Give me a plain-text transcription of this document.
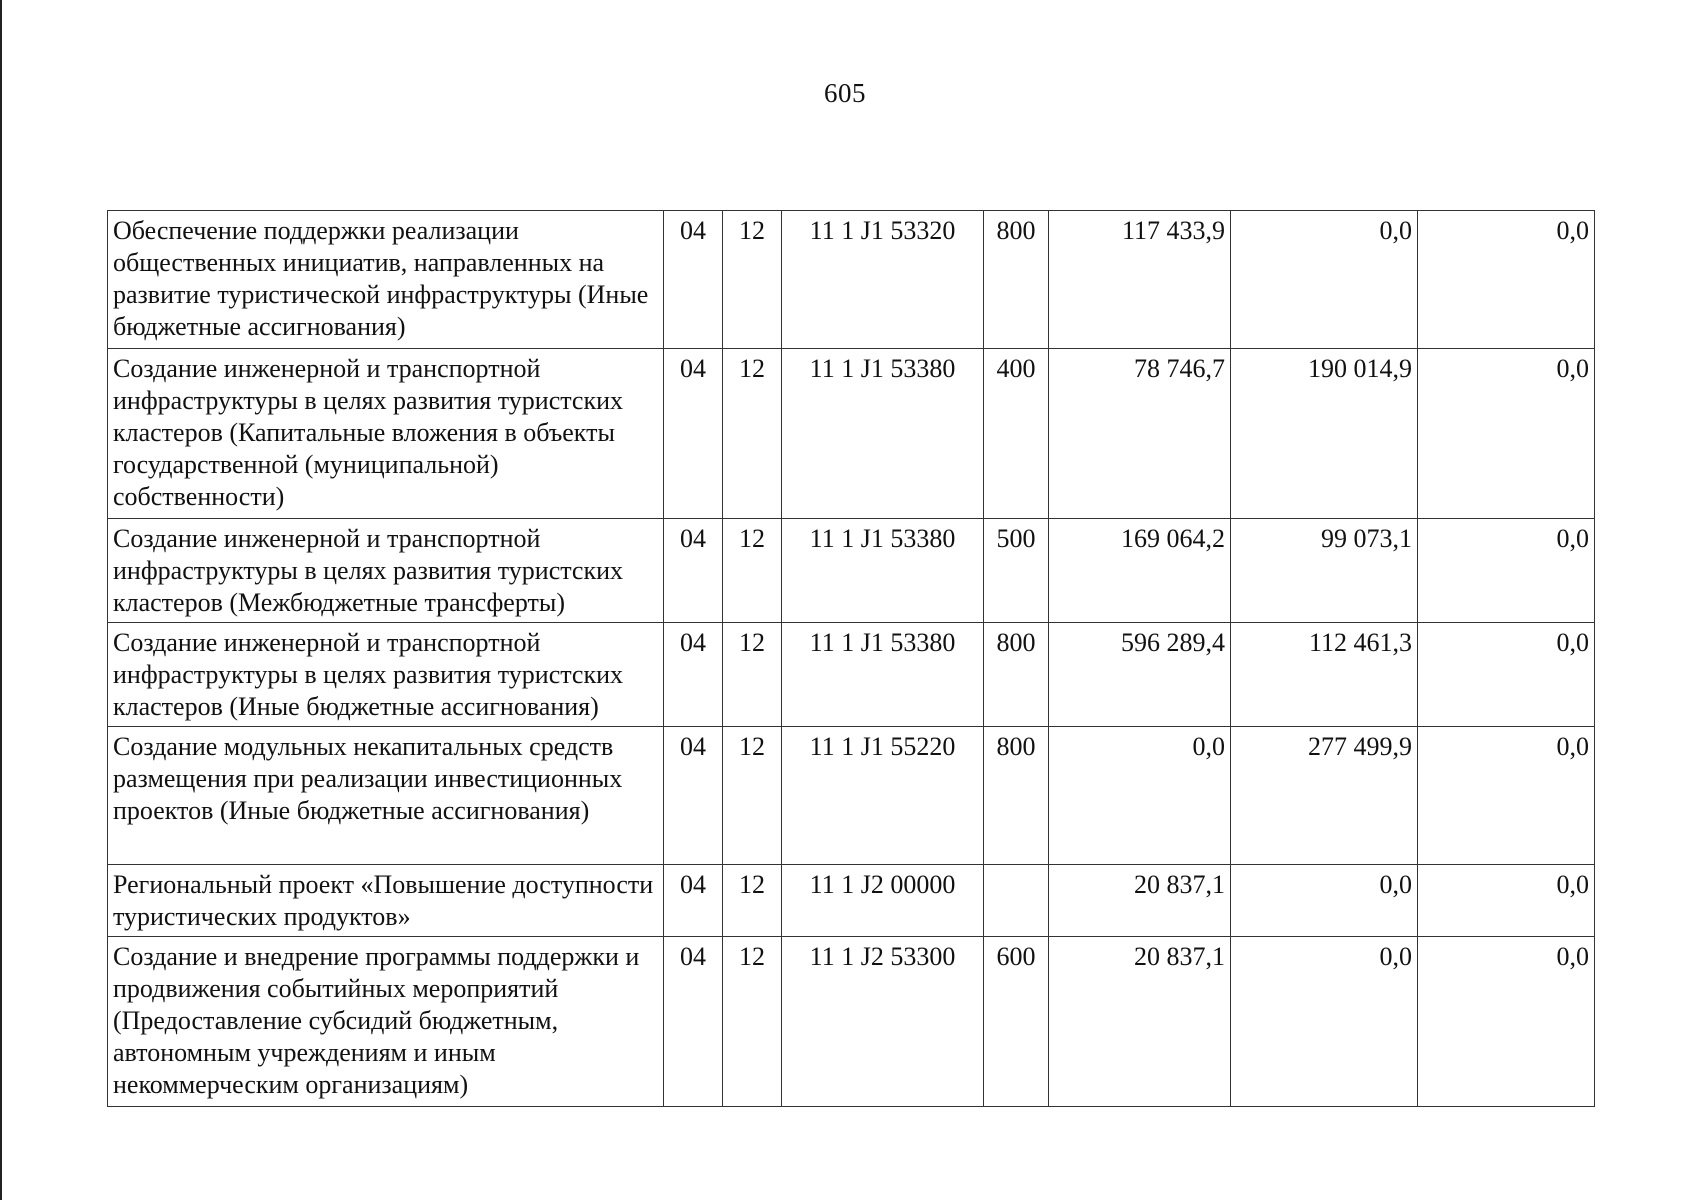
605
Обеспечение поддержки реализации общественных инициатив, направленных на развитие туристической инфраструктуры (Иные бюджетные ассигнования)	04	12	11 1 J1 53320	800	117 433,9	0,0	0,0
Создание инженерной и транспортной инфраструктуры в целях развития туристских кластеров (Капитальные вложения в объекты государственной (муниципальной) собственности)	04	12	11 1 J1 53380	400	78 746,7	190 014,9	0,0
Создание инженерной и транспортной инфраструктуры в целях развития туристских кластеров (Межбюджетные трансферты)	04	12	11 1 J1 53380	500	169 064,2	99 073,1	0,0
Создание инженерной и транспортной инфраструктуры в целях развития туристских кластеров (Иные бюджетные ассигнования)	04	12	11 1 J1 53380	800	596 289,4	112 461,3	0,0
Создание модульных некапитальных средств размещения при реализации инвестиционных проектов (Иные бюджетные ассигнования)	04	12	11 1 J1 55220	800	0,0	277 499,9	0,0
Региональный проект «Повышение доступности туристических продуктов»	04	12	11 1 J2 00000		20 837,1	0,0	0,0
Создание и внедрение программы поддержки и продвижения событийных мероприятий (Предоставление субсидий бюджетным, автономным учреждениям и иным некоммерческим организациям)	04	12	11 1 J2 53300	600	20 837,1	0,0	0,0
